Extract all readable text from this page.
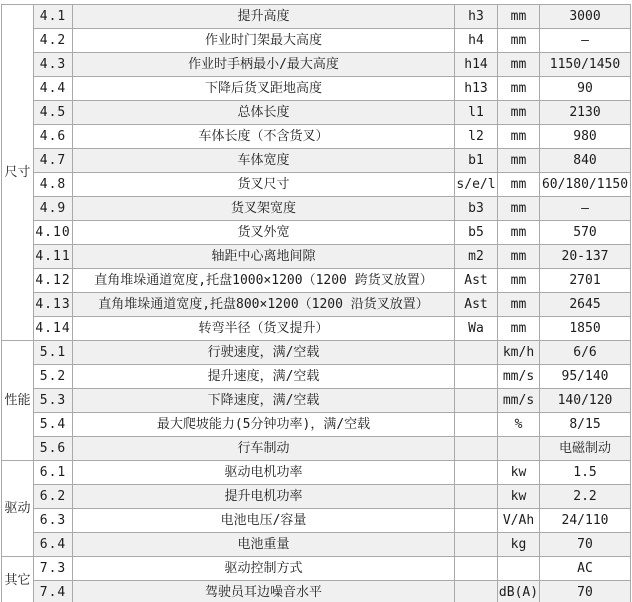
尺寸	4.1	提升高度	h3	mm	3000
	4.2	作业时门架最大高度	h4	mm	–
	4.3	作业时手柄最小/最大高度	h14	mm	1150/1450
	4.4	下降后货叉距地高度	h13	mm	90
	4.5	总体长度	l1	mm	2130
	4.6	车体长度（不含货叉）	l2	mm	980
	4.7	车体宽度	b1	mm	840
	4.8	货叉尺寸	s/e/l	mm	60/180/1150
	4.9	货叉架宽度	b3	mm	–
	4.10	货叉外宽	b5	mm	570
	4.11	轴距中心离地间隙	m2	mm	20-137
	4.12	直角堆垛通道宽度,托盘1000×1200（1200 跨货叉放置）	Ast	mm	2701
	4.13	直角堆垛通道宽度,托盘800×1200（1200 沿货叉放置）	Ast	mm	2645
	4.14	转弯半径（货叉提升）	Wa	mm	1850
性能	5.1	行驶速度，满/空载		km/h	6/6
	5.2	提升速度，满/空载		mm/s	95/140
	5.3	下降速度，满/空载		mm/s	140/120
	5.4	最大爬坡能力(5分钟功率)，满/空载		%	8/15
	5.6	行车制动			电磁制动
驱动	6.1	驱动电机功率		kw	1.5
	6.2	提升电机功率		kw	2.2
	6.3	电池电压/容量		V/Ah	24/110
	6.4	电池重量		kg	70
其它	7.3	驱动控制方式			AC
	7.4	驾驶员耳边噪音水平		dB(A)	70
